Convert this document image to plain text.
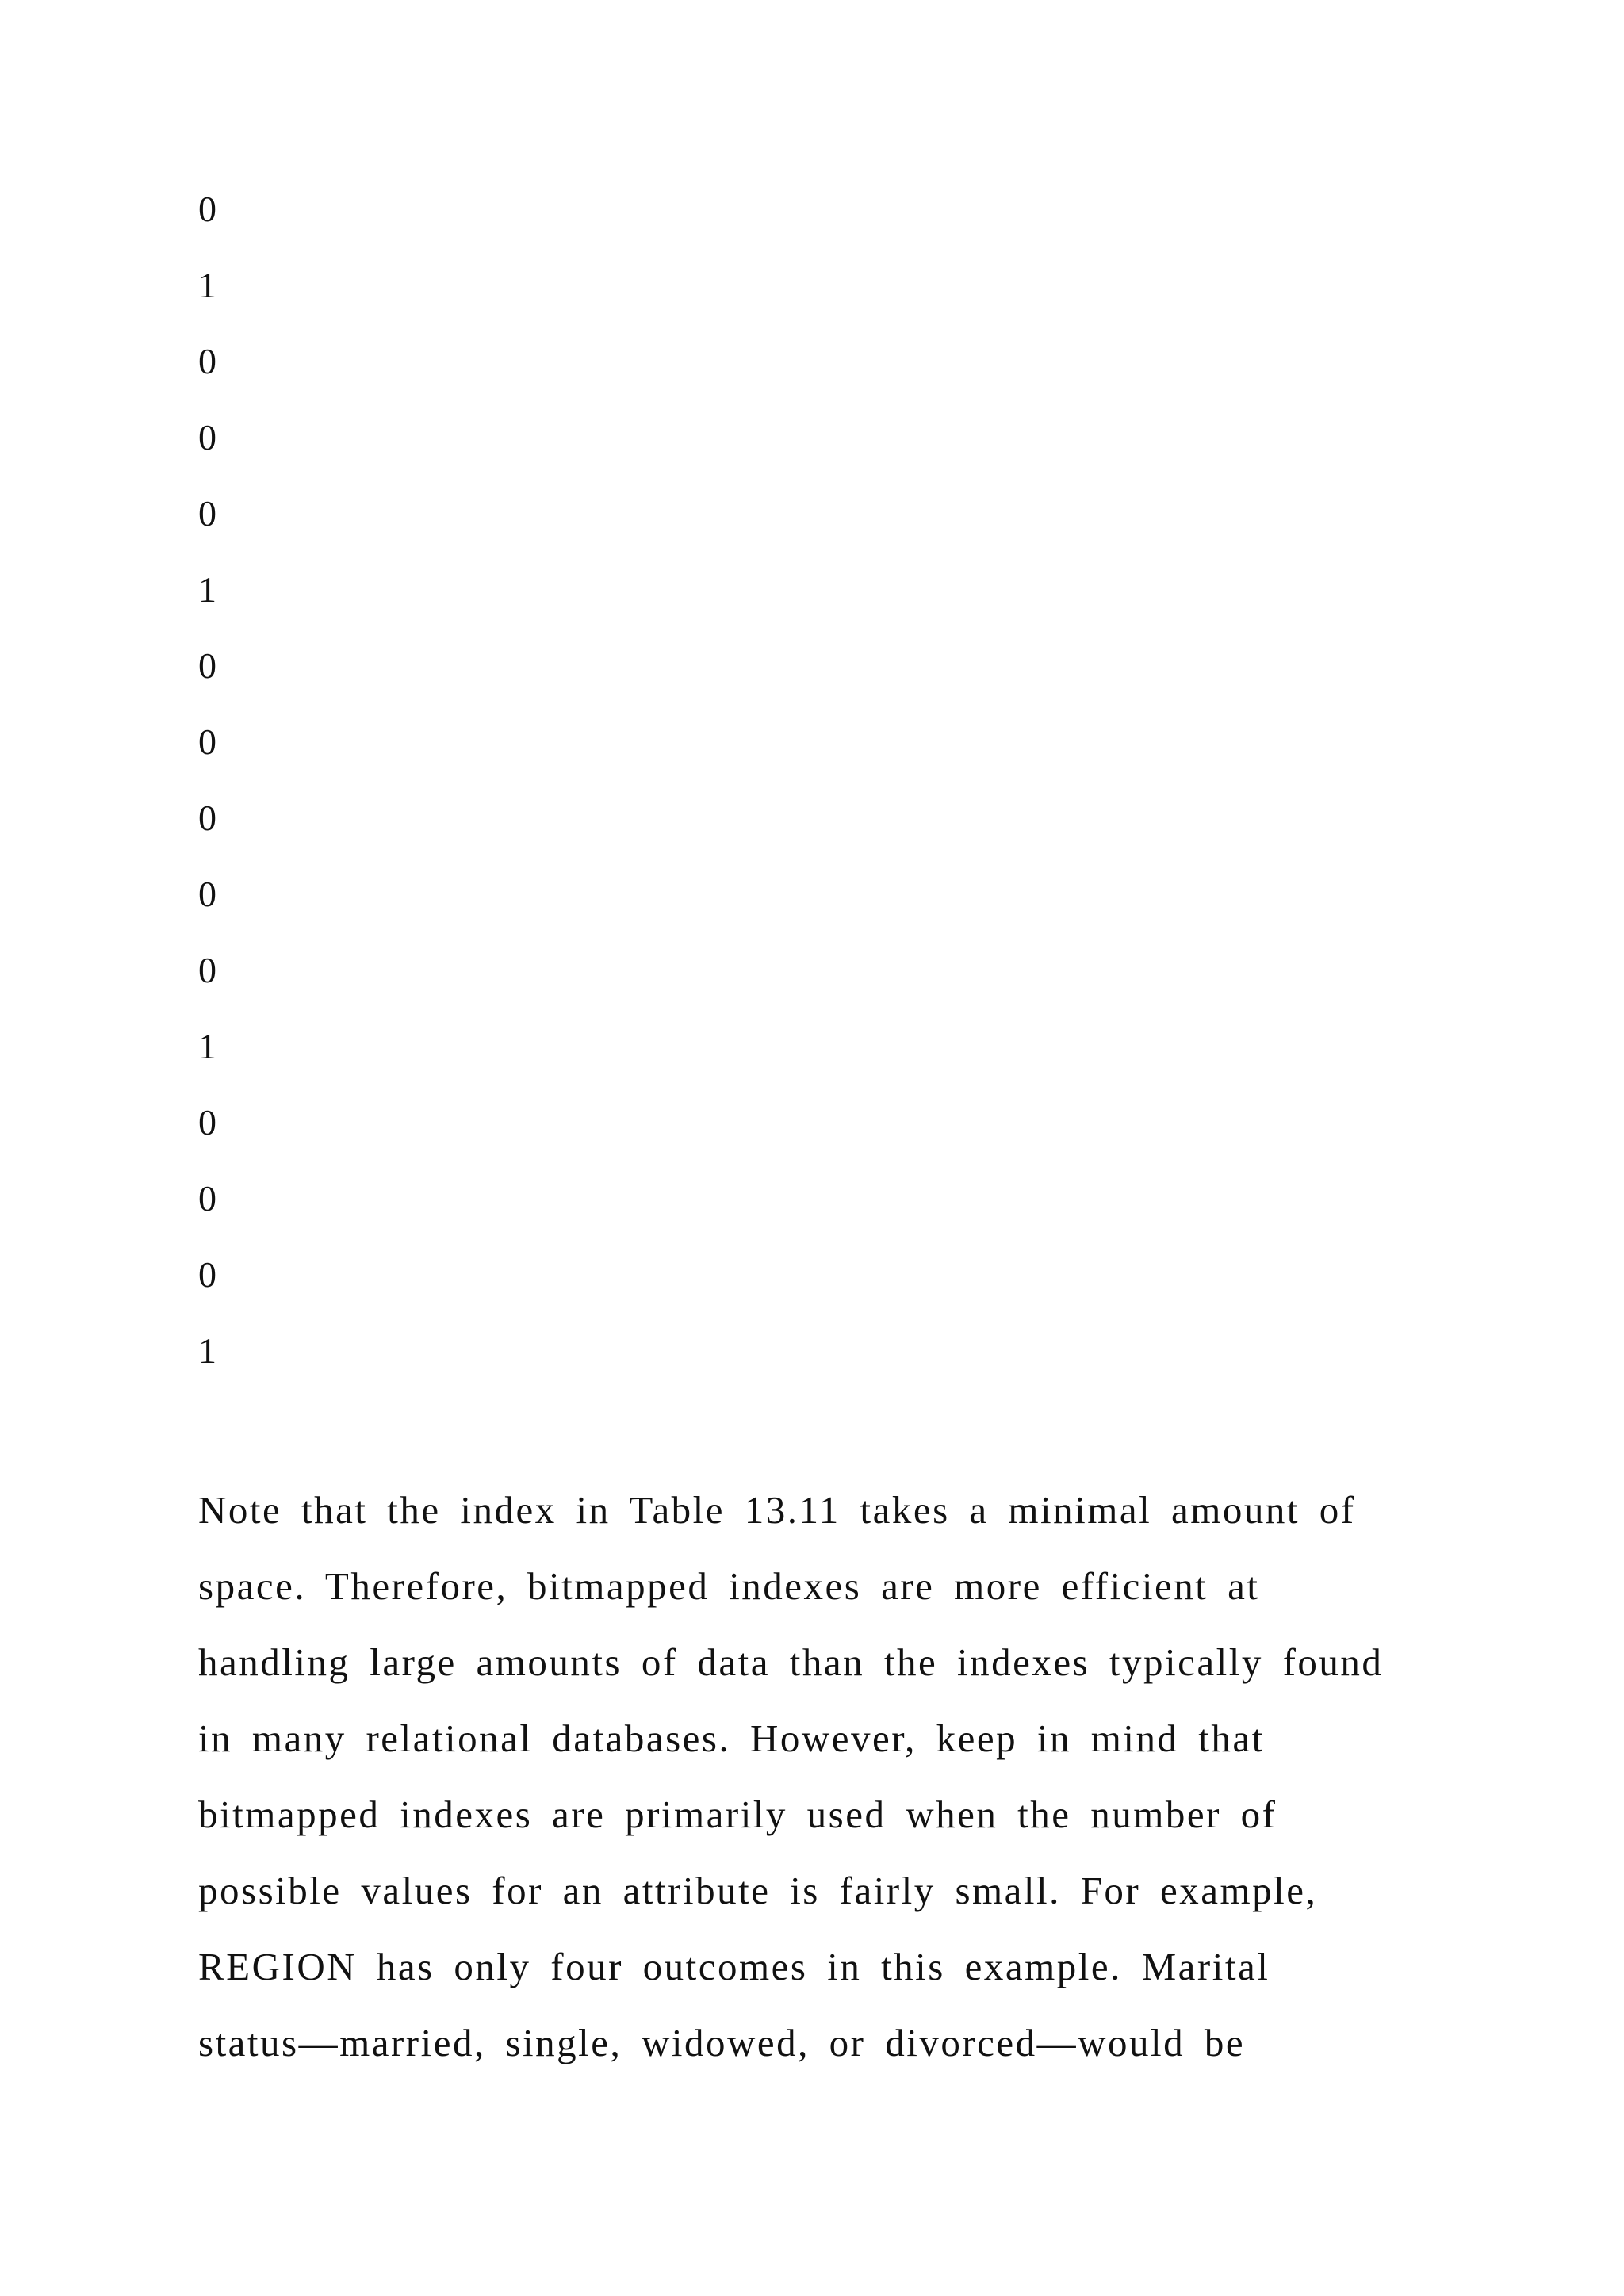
0
1
0
0
0
1
0
0
0
0
0
1
0
0
0
1
Note that the index in Table 13.11 takes a minimal amount of
space. Therefore, bitmapped indexes are more efficient at
handling large amounts of data than the indexes typically found
in many relational databases. However, keep in mind that
bitmapped indexes are primarily used when the number of
possible values for an attribute is fairly small. For example,
REGION has only four outcomes in this example. Marital
status—married, single, widowed, or divorced—would be
